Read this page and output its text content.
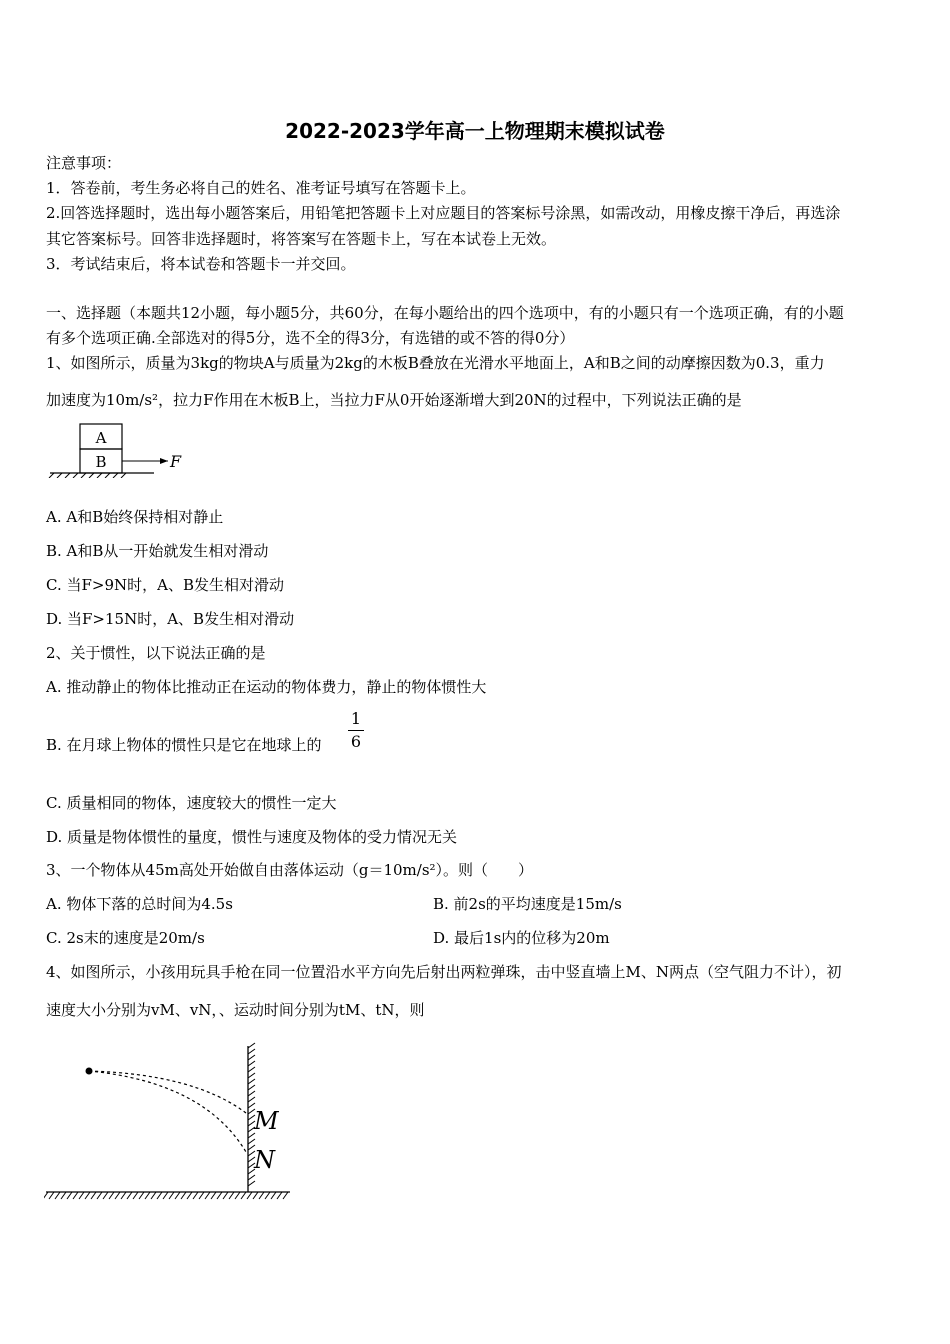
2022-2023学年高一上物理期末模拟试卷
注意事项：
1．答卷前，考生务必将自己的姓名、准考证号填写在答题卡上。
2.回答选择题时，选出每小题答案后，用铅笔把答题卡上对应题目的答案标号涂黑，如需改动，用橡皮擦干净后，再选涂
其它答案标号。回答非选择题时，将答案写在答题卡上，写在本试卷上无效。
3．考试结束后，将本试卷和答题卡一并交回。
一、选择题（本题共12小题，每小题5分，共60分，在每小题给出的四个选项中，有的小题只有一个选项正确，有的小题
有多个选项正确.全部选对的得5分，选不全的得3分，有选错的或不答的得0分）
1、如图所示，质量为3kg的物块A与质量为2kg的木板B叠放在光滑水平地面上，A和B之间的动摩擦因数为0.3，重力
加速度为10m/s²，拉力F作用在木板B上，当拉力F从0开始逐渐增大到20N的过程中，下列说法正确的是
A
B	F
A. A和B始终保持相对静止
B. A和B从一开始就发生相对滑动
C. 当F>9N时，A、B发生相对滑动
D. 当F>15N时，A、B发生相对滑动
2、关于惯性，以下说法正确的是
A. 推动静止的物体比推动正在运动的物体费力，静止的物体惯性大
B. 在月球上物体的惯性只是它在地球上的 $\frac{1}{6}$
C. 质量相同的物体，速度较大的惯性一定大
D. 质量是物体惯性的量度，惯性与速度及物体的受力情况无关
3、一个物体从45m高处开始做自由落体运动（g＝10m/s²）。则（　　）
A. 物体下落的总时间为4.5s	B. 前2s的平均速度是15m/s
C. 2s末的速度是20m/s	D. 最后1s内的位移为20m
4、如图所示，小孩用玩具手枪在同一位置沿水平方向先后射出两粒弹珠，击中竖直墙上M、N两点（空气阻力不计），初
速度大小分别为vM、vN，、运动时间分别为tM、tN，则
M
N
